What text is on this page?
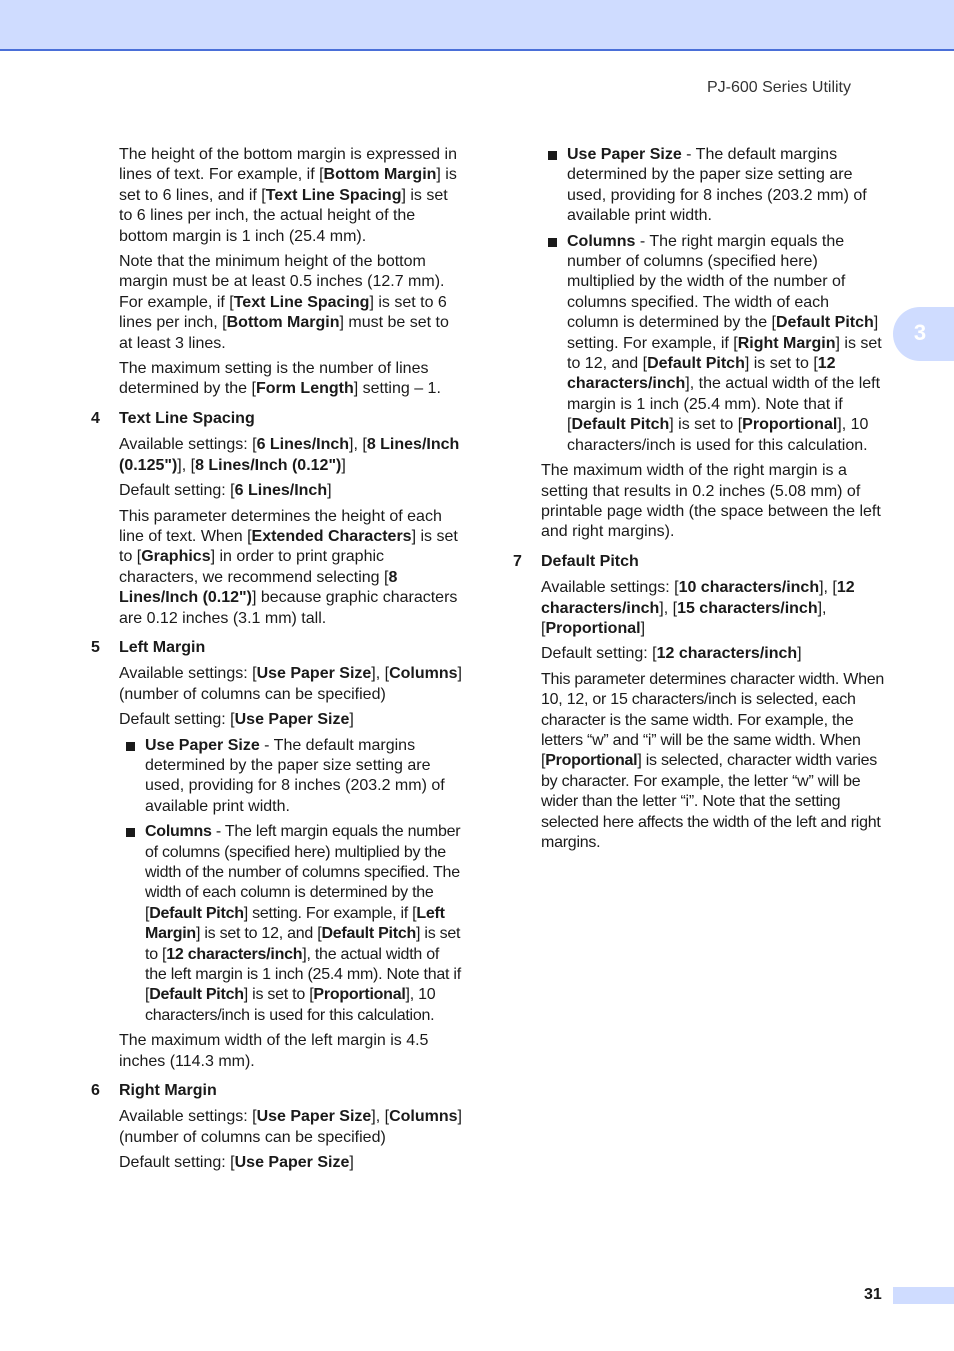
PJ-600 Series Utility
3

The height of the bottom margin is expressed in lines of text. For example, if [Bottom Margin] is set to 6 lines, and if [Text Line Spacing] is set to 6 lines per inch, the actual height of the bottom margin is 1 inch (25.4 mm).

Note that the minimum height of the bottom margin must be at least 0.5 inches (12.7 mm). For example, if [Text Line Spacing] is set to 6 lines per inch, [Bottom Margin] must be set to at least 3 lines.

The maximum setting is the number of lines determined by the [Form Length] setting – 1.

4 Text Line Spacing

Available settings: [6 Lines/Inch], [8 Lines/Inch (0.125")], [8 Lines/Inch (0.12")]

Default setting: [6 Lines/Inch]

This parameter determines the height of each line of text. When [Extended Characters] is set to [Graphics] in order to print graphic characters, we recommend selecting [8 Lines/Inch (0.12")] because graphic characters are 0.12 inches (3.1 mm) tall.

5 Left Margin

Available settings: [Use Paper Size], [Columns] (number of columns can be specified)

Default setting: [Use Paper Size]

Use Paper Size - The default margins determined by the paper size setting are used, providing for 8 inches (203.2 mm) of available print width.
Columns - The left margin equals the number of columns (specified here) multiplied by the width of the number of columns specified. The width of each column is determined by the [Default Pitch] setting. For example, if [Left Margin] is set to 12, and [Default Pitch] is set to [12 characters/inch], the actual width of the left margin is 1 inch (25.4 mm). Note that if [Default Pitch] is set to [Proportional], 10 characters/inch is used for this calculation.

The maximum width of the left margin is 4.5 inches (114.3 mm).

6 Right Margin

Available settings: [Use Paper Size], [Columns] (number of columns can be specified)

Default setting: [Use Paper Size]

Use Paper Size - The default margins determined by the paper size setting are used, providing for 8 inches (203.2 mm) of available print width.
Columns - The right margin equals the number of columns (specified here) multiplied by the width of the number of columns specified. The width of each column is determined by the [Default Pitch] setting. For example, if [Right Margin] is set to 12, and [Default Pitch] is set to [12 characters/inch], the actual width of the left margin is 1 inch (25.4 mm). Note that if [Default Pitch] is set to [Proportional], 10 characters/inch is used for this calculation.

The maximum width of the right margin is a setting that results in 0.2 inches (5.08 mm) of printable page width (the space between the left and right margins).

7 Default Pitch

Available settings: [10 characters/inch], [12 characters/inch], [15 characters/inch], [Proportional]

Default setting: [12 characters/inch]

This parameter determines character width. When 10, 12, or 15 characters/inch is selected, each character is the same width. For example, the letters “w” and “i” will be the same width. When [Proportional] is selected, character width varies by character. For example, the letter “w” will be wider than the letter “i”. Note that the setting selected here affects the width of the left and right margins.

31
